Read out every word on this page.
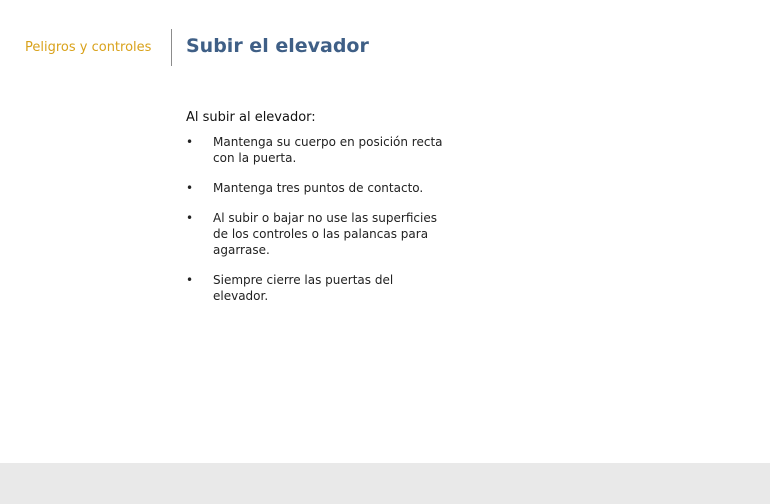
Peligros y controles Subir el elevador
Al subir al elevador:
• Mantenga su cuerpo en posición recta con la puerta.
• Mantenga tres puntos de contacto.
• Al subir o bajar no use las superficies de los controles o las palancas para agarrase.
• Siempre cierre las puertas del elevador.
